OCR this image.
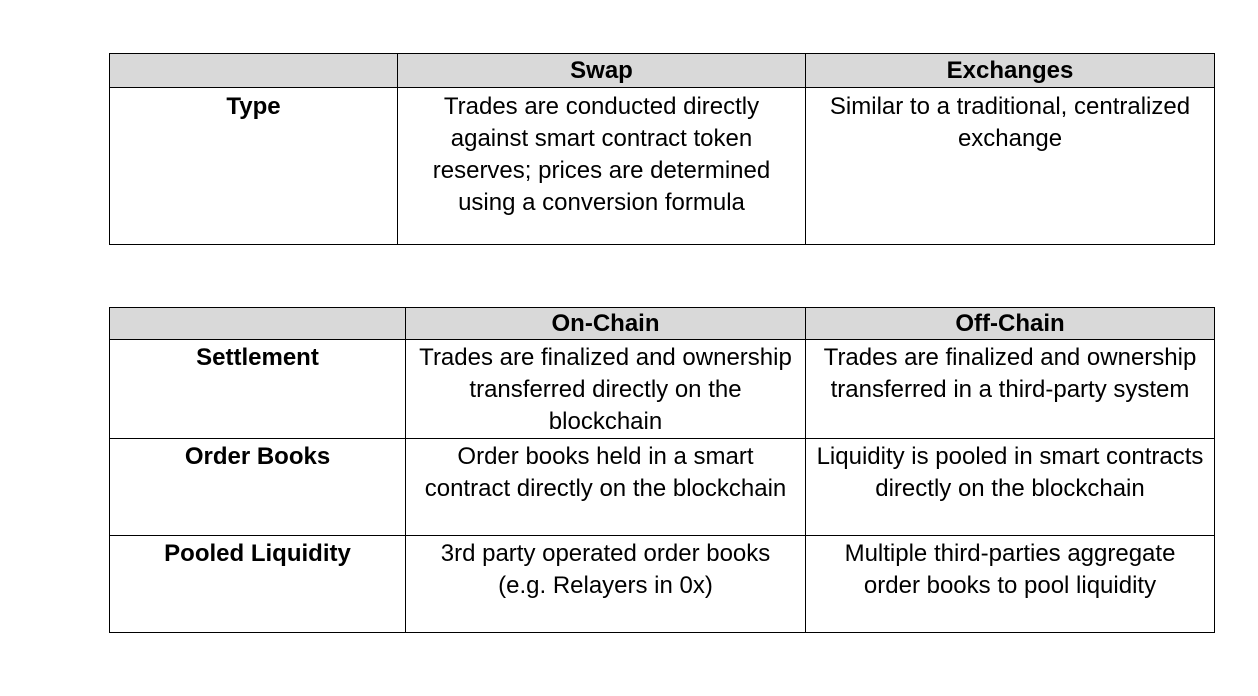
	Swap	Exchanges
Type	Trades are conducted directly against smart contract token reserves; prices are determined using a conversion formula	Similar to a traditional, centralized exchange
	On-Chain	Off-Chain
Settlement	Trades are finalized and ownership transferred directly on the blockchain	Trades are finalized and ownership transferred in a third-party system
Order Books	Order books held in a smart contract directly on the blockchain	Liquidity is pooled in smart contracts directly on the blockchain
Pooled Liquidity	3rd party operated order books (e.g. Relayers in 0x)	Multiple third-parties aggregate order books to pool liquidity
